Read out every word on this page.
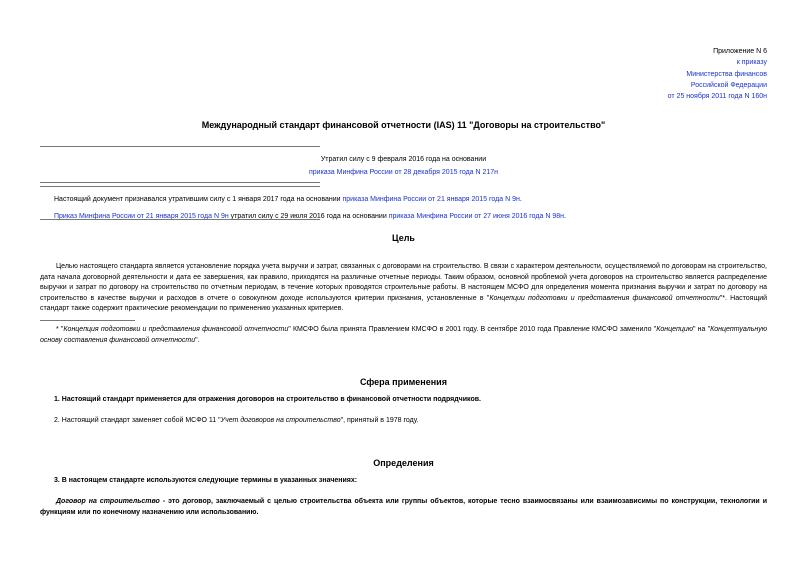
Приложение N 6
к приказу
Министерства финансов
Российской Федерации
от 25 ноября 2011 года N 160н
Международный стандарт финансовой отчетности (IAS) 11 "Договоры на строительство"
Утратил силу с 9 февраля 2016 года на основании
приказа Минфина России от 28 декабря 2015 года N 217н
Настоящий документ признавался утратившим силу с 1 января 2017 года на основании приказа Минфина России от 21 января 2015 года N 9н.
Приказ Минфина России от 21 января 2015 года N 9н утратил силу с 29 июля 2016 года на основании приказа Минфина России от 27 июня 2016 года N 98н.
Цель
Целью настоящего стандарта является установление порядка учета выручки и затрат, связанных с договорами на строительство. В связи с характером деятельности, осуществляемой по договорам на строительство, дата начала договорной деятельности и дата ее завершения, как правило, приходятся на различные отчетные периоды. Таким образом, основной проблемой учета договоров на строительство является распределение выручки и затрат по договору на строительство по отчетным периодам, в течение которых проводятся строительные работы. В настоящем МСФО для определения момента признания выручки и затрат по договору на строительство в качестве выручки и расходов в отчете о совокупном доходе используются критерии признания, установленные в "Концепции подготовки и представления финансовой отчетности"*. Настоящий стандарт также содержит практические рекомендации по применению указанных критериев.
* "Концепция подготовки и представления финансовой отчетности" КМСФО была принята Правлением КМСФО в 2001 году. В сентябре 2010 года Правление КМСФО заменило "Концепцию" на "Концептуальную основу составления финансовой отчетности".
Сфера применения
1. Настоящий стандарт применяется для отражения договоров на строительство в финансовой отчетности подрядчиков.
2. Настоящий стандарт заменяет собой МСФО 11 "Учет договоров на строительство", принятый в 1978 году.
Определения
3. В настоящем стандарте используются следующие термины в указанных значениях:
Договор на строительство - это договор, заключаемый с целью строительства объекта или группы объектов, которые тесно взаимосвязаны или взаимозависимы по конструкции, технологии и функциям или по конечному назначению или использованию.
